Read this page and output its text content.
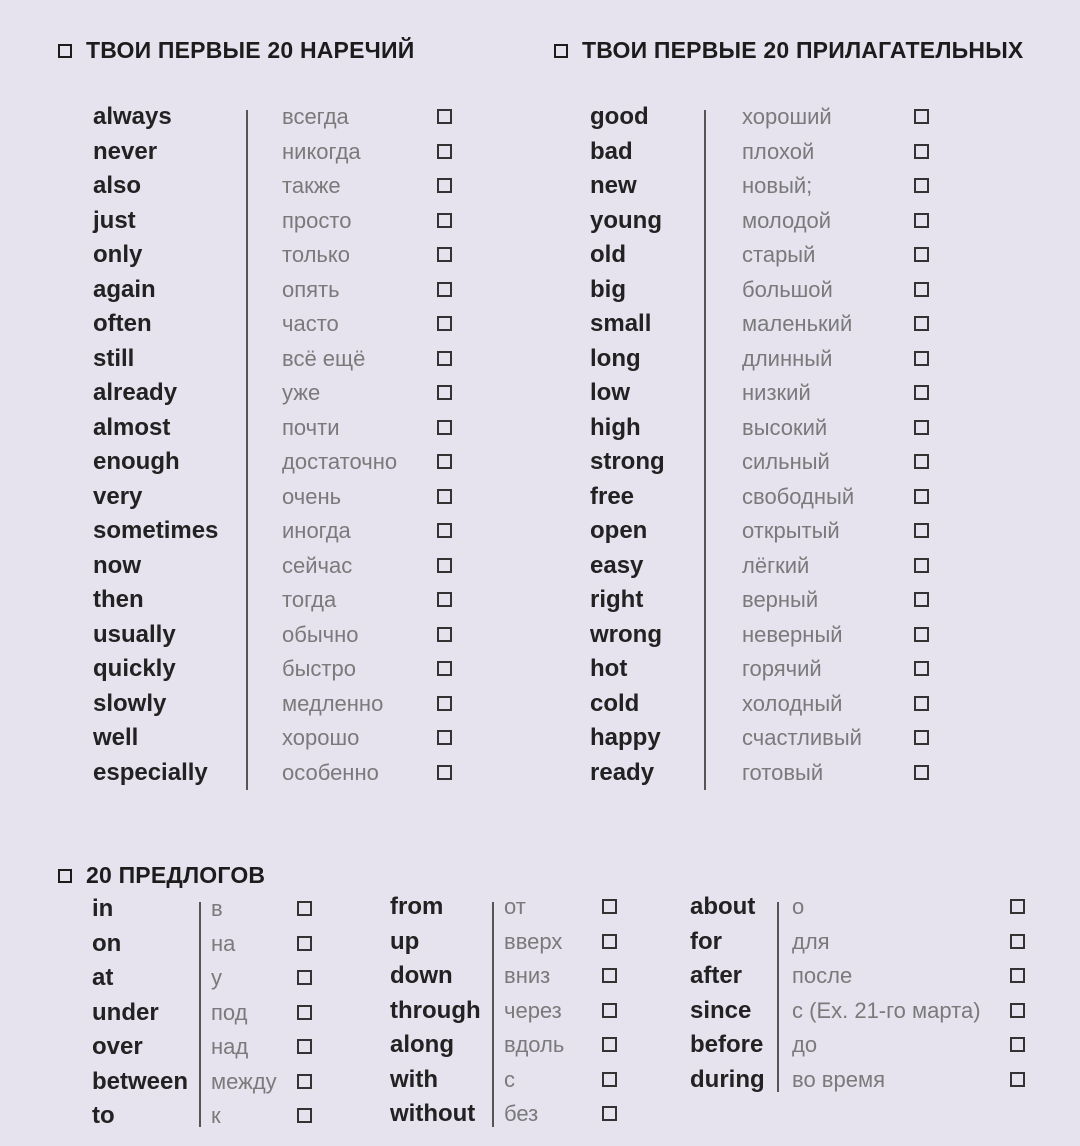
ТВОИ ПЕРВЫЕ 20 НАРЕЧИЙ	ТВОИ ПЕРВЫЕ 20 ПРИЛАГАТЕЛЬНЫХ
20 ПРЕДЛОГОВ
always	всегда
never	никогда
also	также
just	просто
only	только
again	опять
often	часто
still	всё ещё
already	уже
almost	почти
enough	достаточно
very	очень
sometimes	иногда
now	сейчас
then	тогда
usually	обычно
quickly	быстро
slowly	медленно
well	хорошо
especially	особенно
good	хороший
bad	плохой
new	новый;
young	молодой
old	старый
big	большой
small	маленький
long	длинный
low	низкий
high	высокий
strong	сильный
free	свободный
open	открытый
easy	лёгкий
right	верный
wrong	неверный
hot	горячий
cold	холодный
happy	счастливый
ready	готовый
in	в
on	на
at	у
under под
over	над
between между
to	к
from	от
up	вверх
down вниз
through через
along вдоль
with	с
without без
about о
for	для
after после
since с (Ex. 21-го марта)
before до
during во время
